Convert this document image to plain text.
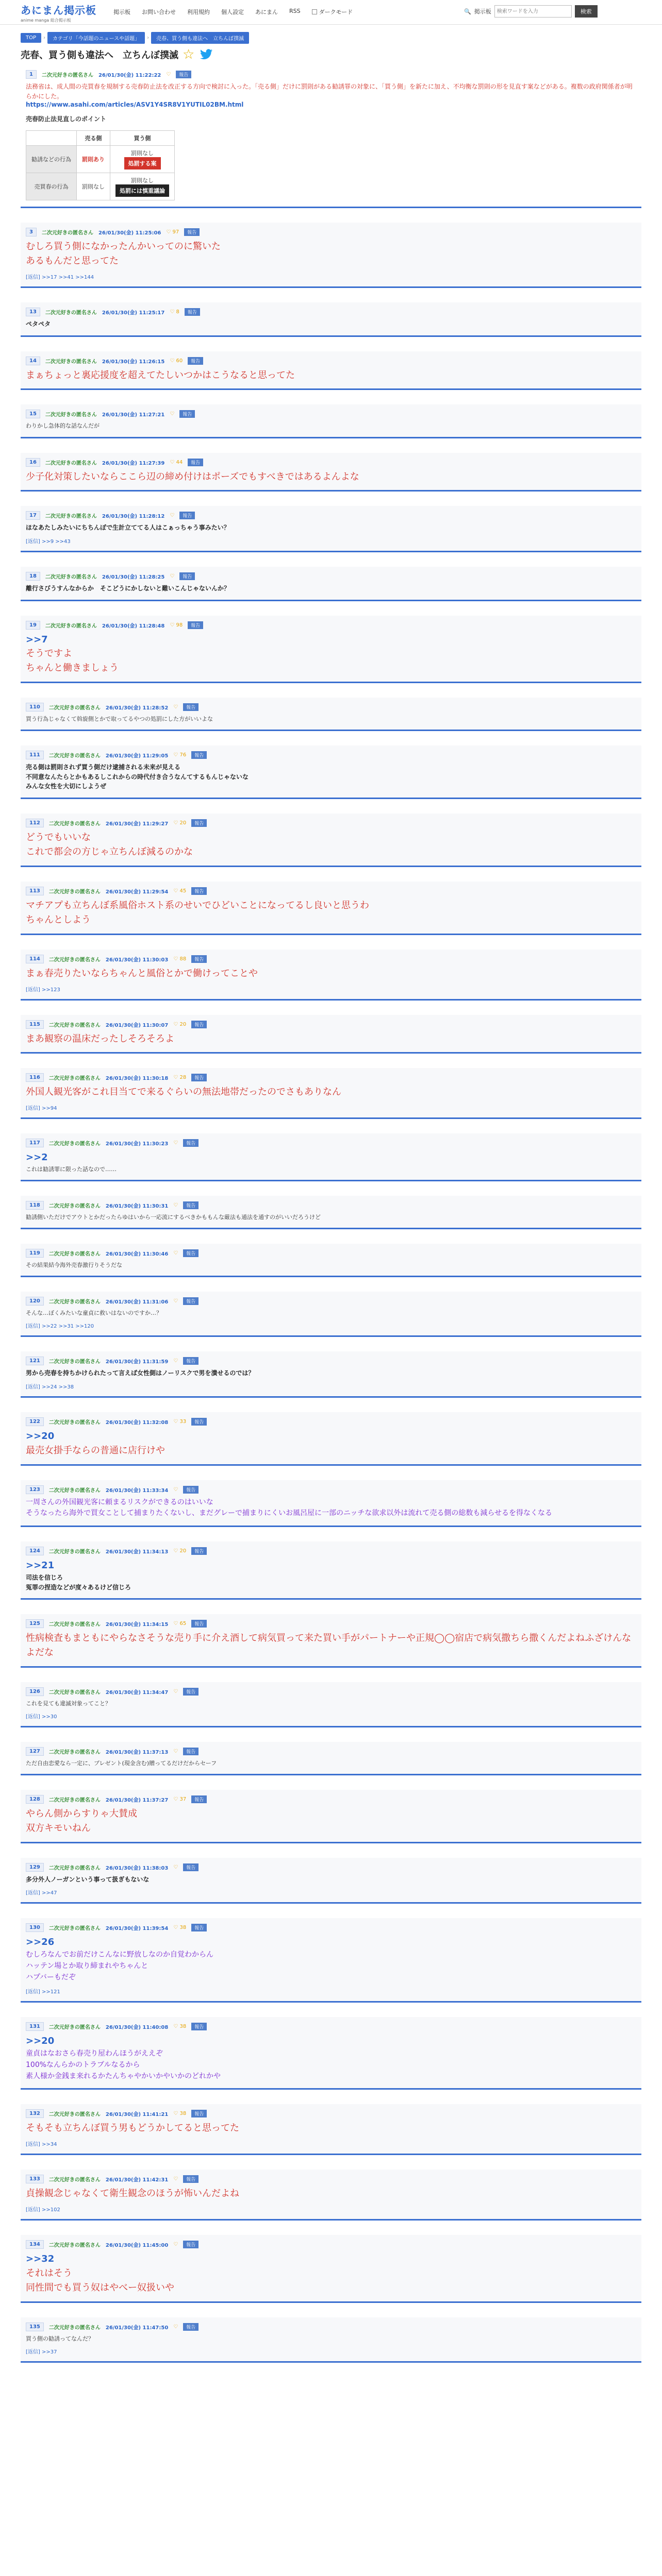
あにまん掲示板
anime manga 総合掲示板
掲示板 お問い合わせ 利用規約 個人設定 あにまん RSS	ダークモード	🔍 掲示板
検索ワードを入力	検索
TOP	›	カテゴリ「今話題のニュースや話題」	›	売春、買う側も違法へ　立ちんぼ撲滅
売春、買う側も違法へ　立ちんぼ撲滅 ☆
1	二次元好きの匿名さん 26/01/30(金) 11:22:22 ♡	報告
法務省は、成人間の売買春を規制する売春防止法を改正する方向で検討に入った。「売る側」だけに罰則がある勧誘罪の対象に、「買う側」を新たに加え、不均衡な罰則の形を見直す案などがある。複数の政府関係者が明らかにした。
https://www.asahi.com/articles/ASV1Y4SR8V1YUTIL02BM.html
売春防止法見直しのポイント
	売る側	買う側
勧誘などの行為	罰則あり	罰則なし
処罰する案
売買春の行為	罰則なし	罰則なし
処罰には慎重議論
3	二次元好きの匿名さん 26/01/30(金) 11:25:06 ♡ 97	報告
むしろ買う側になかったんかいってのに驚いた
あるもんだと思ってた
[返信] >>17 >>41 >>144
13	二次元好きの匿名さん 26/01/30(金) 11:25:17 ♡ 8	報告
ぺタペタ
14	二次元好きの匿名さん 26/01/30(金) 11:26:15 ♡ 60	報告
まぁちょっと裏応援度を超えてたしいつかはこうなると思ってた
15	二次元好きの匿名さん 26/01/30(金) 11:27:21 ♡	報告
わりかし急体的な話なんだが
16	二次元好きの匿名さん 26/01/30(金) 11:27:39 ♡ 44	報告
少子化対策したいならここら辺の締め付けはポーズでもすべきではあるよんよな
17	二次元好きの匿名さん 26/01/30(金) 11:28:12 ♡	報告
ほなあたしみたいにちちんぼで生計立ててる人はこぁっちゃう事みたい？
[返信] >>9 >>43
18	二次元好きの匿名さん 26/01/30(金) 11:28:25 ♡	報告
離行さびうすんなからか　そこどうにかしないと難いこんじゃないんか？
19	二次元好きの匿名さん 26/01/30(金) 11:28:48 ♡ 98	報告
>>7
そうですよ
ちゃんと働きましょう
110	二次元好きの匿名さん 26/01/30(金) 11:28:52 ♡	報告
買う行為じゃなくて斡旋側とかで取ってるやつの処罰にした方がいいよな
111	二次元好きの匿名さん 26/01/30(金) 11:29:05 ♡ 76	報告
売る側は罰則されず買う側だけ逮捕される未来が見える
不同意なんたらとかもあるしこれからの時代付き合うなんてするもんじゃないな
みんな女性を大切にしようぜ
112	二次元好きの匿名さん 26/01/30(金) 11:29:27 ♡ 20	報告
どうでもいいな
これで都会の方じゃ立ちんぼ減るのかな
113	二次元好きの匿名さん 26/01/30(金) 11:29:54 ♡ 45	報告
マチアプも立ちんぼ系風俗ホスト系のせいでひどいことになってるし良いと思うわ
ちゃんとしよう
114	二次元好きの匿名さん 26/01/30(金) 11:30:03 ♡ 88	報告
まぁ春売りたいならちゃんと風俗とかで働けってことや
[返信] >>123
115	二次元好きの匿名さん 26/01/30(金) 11:30:07 ♡ 20	報告
まあ観察の温床だったしそろそろよ
116	二次元好きの匿名さん 26/01/30(金) 11:30:18 ♡ 28	報告
外国人観光客がこれ目当てで来るぐらいの無法地帯だったのでさもありなん
[返信] >>94
117	二次元好きの匿名さん 26/01/30(金) 11:30:23 ♡	報告
>>2
これは勧誘罪に限った話なので……
118	二次元好きの匿名さん 26/01/30(金) 11:30:31 ♡	報告
勧誘側いただけでアウトとかだったらゆはいから一応流にするべきかももんな厳法も通法を通すのがいいだろうけど
119	二次元好きの匿名さん 26/01/30(金) 11:30:46 ♡	報告
その結果結今海外売春激行りそうだな
120	二次元好きの匿名さん 26/01/30(金) 11:31:06 ♡	報告
そんな…ぼくみたいな童貞に救いはないのですか…？
[返信] >>22 >>31 >>120
121	二次元好きの匿名さん 26/01/30(金) 11:31:59 ♡	報告
男から売春を持ちかけられたって言えば女性側はノーリスクで男を潰せるのでは？
[返信] >>24 >>38
122	二次元好きの匿名さん 26/01/30(金) 11:32:08 ♡ 33	報告
>>20
最売女掛手ならの普通に店行けや
123	二次元好きの匿名さん 26/01/30(金) 11:33:34 ♡	報告
一周さんの外国観光客に頼まるリスクができるのはいいな
そうなったら海外で買女ことして捕まりたくないし、まだグレーで捕まりにくいお風呂屋に一部のニッチな欲求以外は流れて売る側の総数も減らせるを得なくなる
124	二次元好きの匿名さん 26/01/30(金) 11:34:13 ♡ 20	報告
>>21
司法を信じろ
冤罪の捏造などが度々あるけど信じろ
125	二次元好きの匿名さん 26/01/30(金) 11:34:15 ♡ 65	報告
性病検査もまともにやらなさそうな売り手に介え酒して病気買って来た買い手がパートナーや正規◯◯宿店で病気撒ちら撒くんだよねふざけんなよだな
126	二次元好きの匿名さん 26/01/30(金) 11:34:47 ♡	報告
これを見ても違滅対象ってこと？
[返信] >>30
127	二次元好きの匿名さん 26/01/30(金) 11:37:13 ♡	報告
ただ自由恋愛なら一定に、プレゼント(現金含む)贈ってるだけだからセーフ
128	二次元好きの匿名さん 26/01/30(金) 11:37:27 ♡ 37	報告
やらん側からすりゃ大賛成
双方キモいねん
129	二次元好きの匿名さん 26/01/30(金) 11:38:03 ♡	報告
多分外人ノーガンという事って扱ぎもないな
[返信] >>47
130	二次元好きの匿名さん 26/01/30(金) 11:39:54 ♡ 38	報告
>>26
むしろなんでお前だけこんなに野放しなのか自覚わからん
ハッテン場とか取り締まれやちゃんと
ハプバーもだぞ
[返信] >>121
131	二次元好きの匿名さん 26/01/30(金) 11:40:08 ♡ 38	報告
>>20
童貞はなおさら春売り屋わんほうがええぞ
100%なんらかのトラブルなるから
素人様か金銭ま来れるかたんちゃやかいかやいかのどれかや
132	二次元好きの匿名さん 26/01/30(金) 11:41:21 ♡ 38	報告
そもそも立ちんぼ買う男もどうかしてると思ってた
[返信] >>34
133	二次元好きの匿名さん 26/01/30(金) 11:42:31 ♡	報告
貞操観念じゃなくて衛生観念のほうが怖いんだよね
[返信] >>102
134	二次元好きの匿名さん 26/01/30(金) 11:45:00 ♡	報告
>>32
それはそう
同性間でも買う奴はやべー奴扱いや
135	二次元好きの匿名さん 26/01/30(金) 11:47:50 ♡	報告
買う側の勧誘ってなんだ？
[返信] >>37
